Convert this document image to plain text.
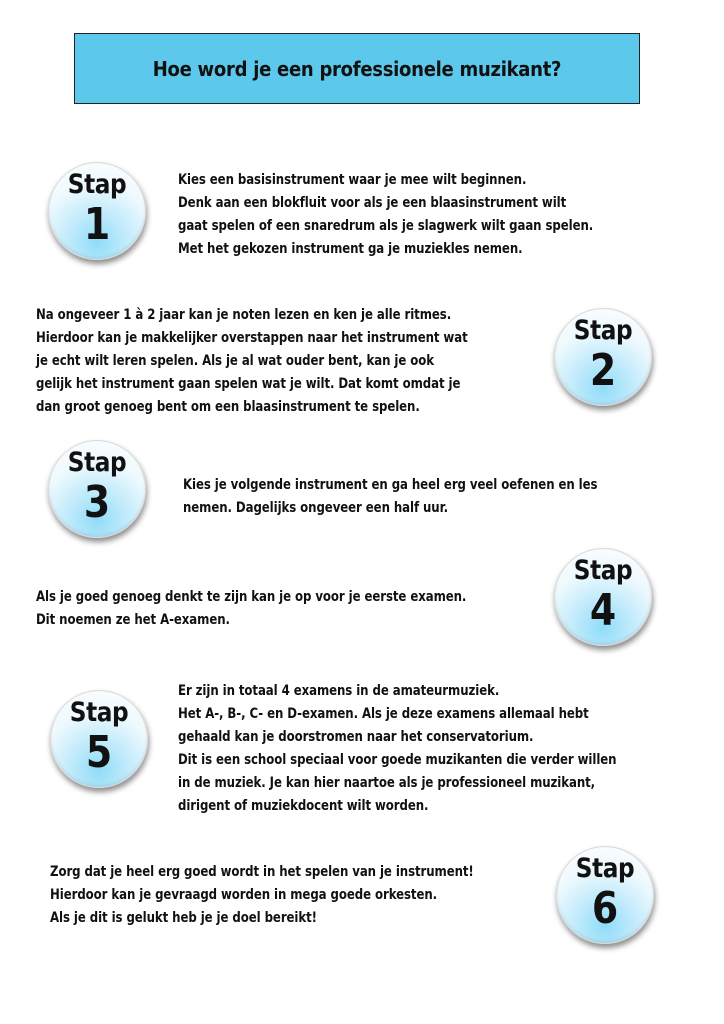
Hoe word je een professionele muzikant?
Stap
1
Kies een basisinstrument waar je mee wilt beginnen.
Denk aan een blokfluit voor als je een blaasinstrument wilt
gaat spelen of een snaredrum als je slagwerk wilt gaan spelen.
Met het gekozen instrument ga je muziekles nemen.
Na ongeveer 1 à 2 jaar kan je noten lezen en ken je alle ritmes.
Hierdoor kan je makkelijker overstappen naar het instrument wat
je echt wilt leren spelen. Als je al wat ouder bent, kan je ook
gelijk het instrument gaan spelen wat je wilt. Dat komt omdat je
dan groot genoeg bent om een blaasinstrument te spelen.
Stap
2
Stap
3	Kies je volgende instrument en ga heel erg veel oefenen en les
nemen. Dagelijks ongeveer een half uur.
Stap
4
Als je goed genoeg denkt te zijn kan je op voor je eerste examen.
Dit noemen ze het A-examen.
Stap
5
Er zijn in totaal 4 examens in de amateurmuziek.
Het A-, B-, C- en D-examen. Als je deze examens allemaal hebt
gehaald kan je doorstromen naar het conservatorium.
Dit is een school speciaal voor goede muzikanten die verder willen
in de muziek. Je kan hier naartoe als je professioneel muzikant,
dirigent of muziekdocent wilt worden.
Zorg dat je heel erg goed wordt in het spelen van je instrument!
Hierdoor kan je gevraagd worden in mega goede orkesten.
Als je dit is gelukt heb je je doel bereikt!
Stap
6
